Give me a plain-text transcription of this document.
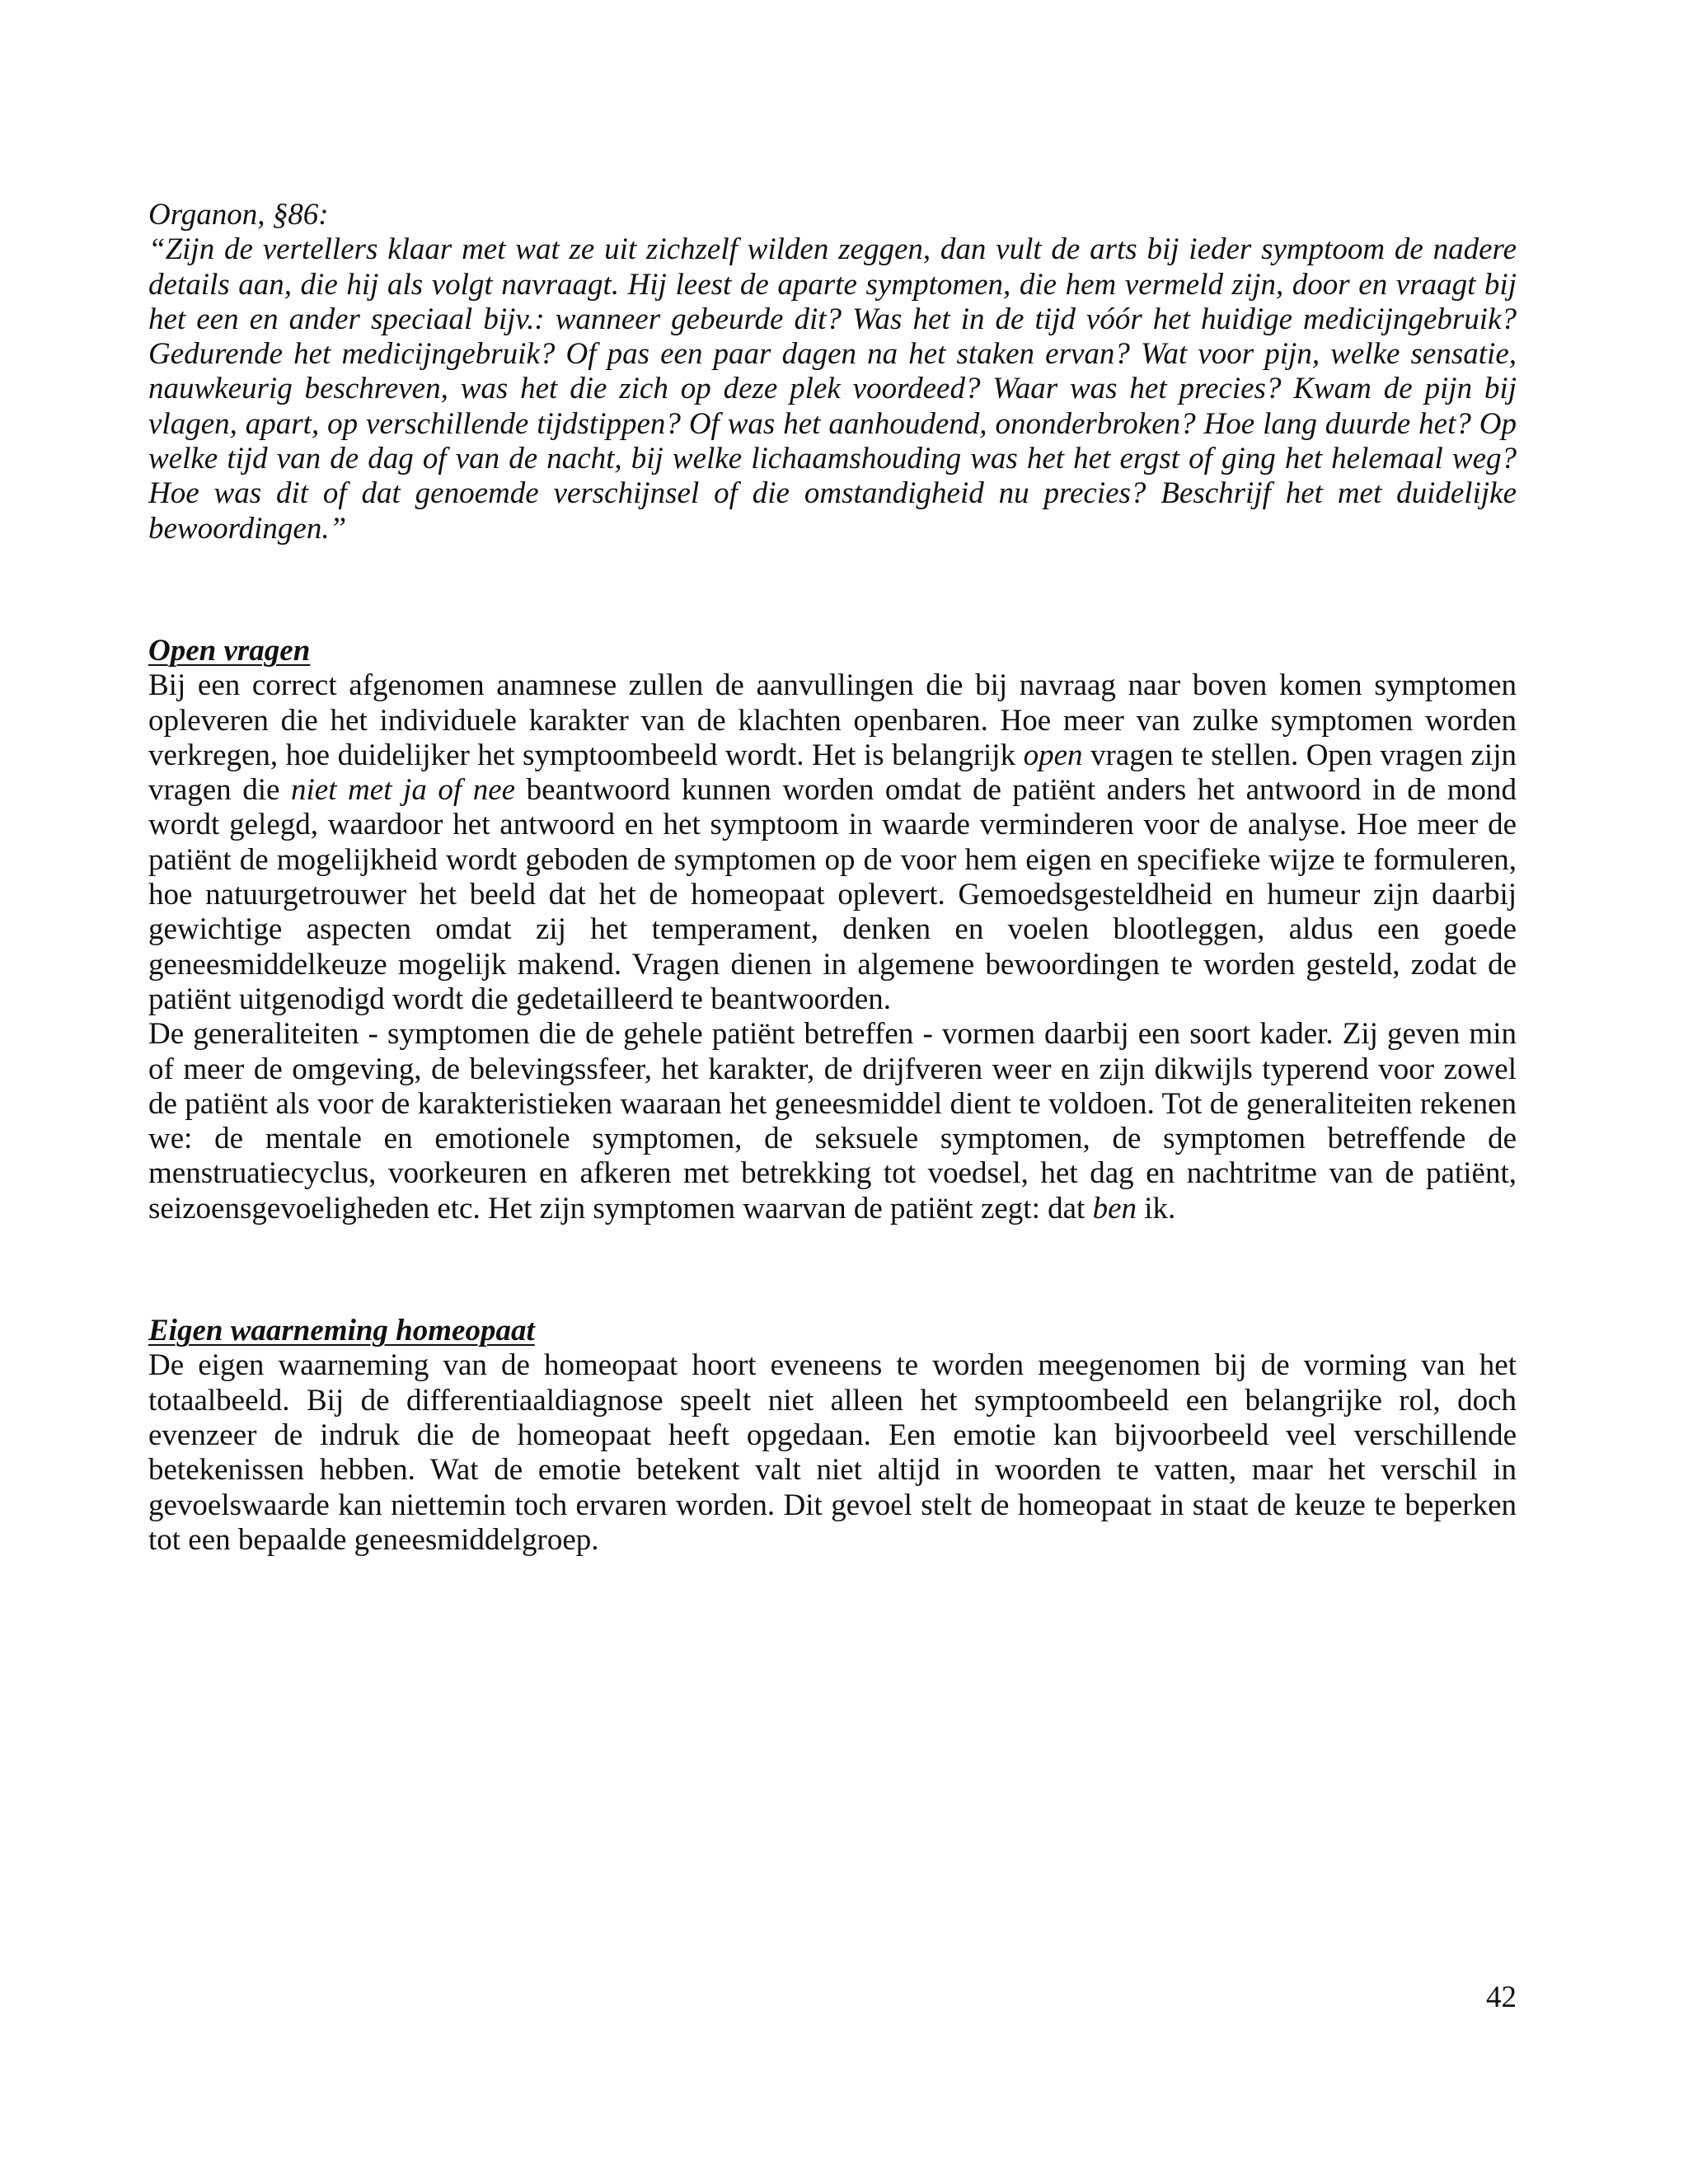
Organon, §86:

“Zijn de vertellers klaar met wat ze uit zichzelf wilden zeggen, dan vult de arts bij ieder symptoom de nadere details aan, die hij als volgt navraagt. Hij leest de aparte symptomen, die hem vermeld zijn, door en vraagt bij het een en ander speciaal bijv.: wanneer gebeurde dit? Was het in de tijd vóór het huidige medicijngebruik? Gedurende het medicijngebruik? Of pas een paar dagen na het staken ervan? Wat voor pijn, welke sensatie, nauwkeurig beschreven, was het die zich op deze plek voordeed? Waar was het precies? Kwam de pijn bij vlagen, apart, op verschillende tijdstippen? Of was het aanhoudend, ononderbroken? Hoe lang duurde het? Op welke tijd van de dag of van de nacht, bij welke lichaamshouding was het het ergst of ging het helemaal weg? Hoe was dit of dat genoemde verschijnsel of die omstandigheid nu precies? Beschrijf het met duidelijke bewoordingen.”

Open vragen

Bij een correct afgenomen anamnese zullen de aanvullingen die bij navraag naar boven komen symptomen opleveren die het individuele karakter van de klachten openbaren. Hoe meer van zulke symptomen worden verkregen, hoe duidelijker het symptoombeeld wordt. Het is belangrijk open vragen te stellen. Open vragen zijn vragen die niet met ja of nee beantwoord kunnen worden omdat de patiënt anders het antwoord in de mond wordt gelegd, waardoor het antwoord en het symptoom in waarde verminderen voor de analyse. Hoe meer de patiënt de mogelijkheid wordt geboden de symptomen op de voor hem eigen en specifieke wijze te formuleren, hoe natuurgetrouwer het beeld dat het de homeopaat oplevert. Gemoedsgesteldheid en humeur zijn daarbij gewichtige aspecten omdat zij het temperament, denken en voelen blootleggen, aldus een goede geneesmiddelkeuze mogelijk makend. Vragen dienen in algemene bewoordingen te worden gesteld, zodat de patiënt uitgenodigd wordt die gedetailleerd te beantwoorden.

De generaliteiten - symptomen die de gehele patiënt betreffen - vormen daarbij een soort kader. Zij geven min of meer de omgeving, de belevingssfeer, het karakter, de drijfveren weer en zijn dikwijls typerend voor zowel de patiënt als voor de karakteristieken waaraan het geneesmiddel dient te voldoen. Tot de generaliteiten rekenen we: de mentale en emotionele symptomen, de seksuele symptomen, de symptomen betreffende de menstruatiecyclus, voorkeuren en afkeren met betrekking tot voedsel, het dag en nachtritme van de patiënt, seizoensgevoeligheden etc. Het zijn symptomen waarvan de patiënt zegt: dat ben ik.

Eigen waarneming homeopaat

De eigen waarneming van de homeopaat hoort eveneens te worden meegenomen bij de vorming van het totaalbeeld. Bij de differentiaaldiagnose speelt niet alleen het symptoombeeld een belangrijke rol, doch evenzeer de indruk die de homeopaat heeft opgedaan. Een emotie kan bijvoorbeeld veel verschillende betekenissen hebben. Wat de emotie betekent valt niet altijd in woorden te vatten, maar het verschil in gevoelswaarde kan niettemin toch ervaren worden. Dit gevoel stelt de homeopaat in staat de keuze te beperken tot een bepaalde geneesmiddelgroep.

42
